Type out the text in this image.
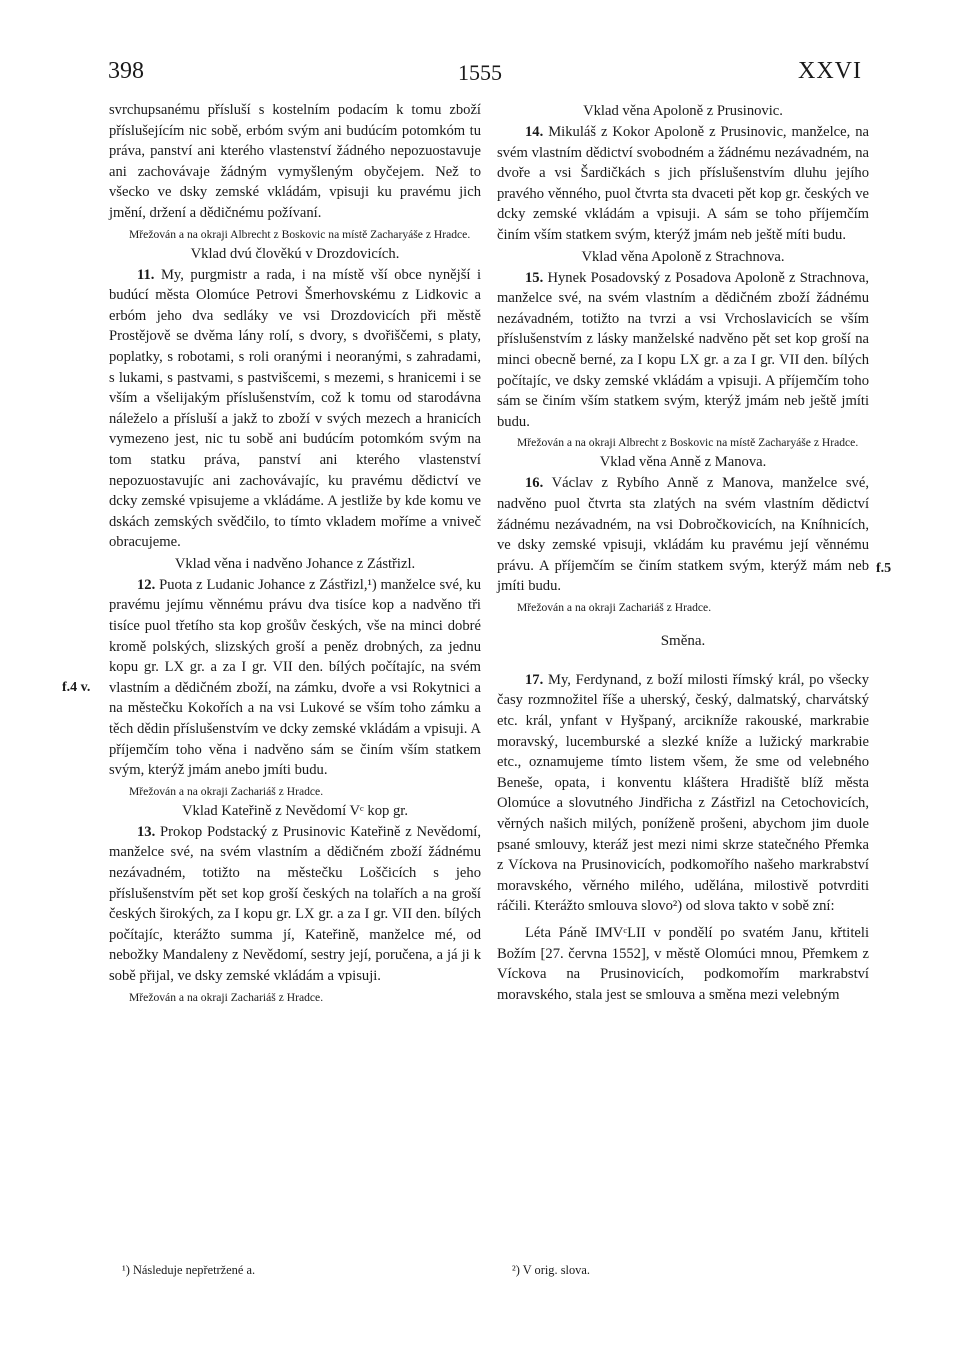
398	1555	XXVI
f.4 v.
f.5

svrchupsanému přísluší s kostelním podacím k tomu zboží příslušejícím nic sobě, erbóm svým ani budúcím potomkóm tu práva, panství ani kterého vlastenství žádného nepozuostavuje ani zachovávaje žádným vymyšleným obyčejem. Než to všecko ve dsky zemské vkládám, vpisuji ku pravému jich jmění, držení a dědičnému požívaní.

Mřežován a na okraji Albrecht z Boskovic na místě Zacharyáše z Hradce.

Vklad dvú člověkú v Drozdovicích.

11. My, purgmistr a rada, i na místě vší obce nynější i budúcí města Olomúce Petrovi Šmerhovskému z Lidkovic a erbóm jeho dva sedláky ve vsi Drozdovicích při městě Prostějově se dvěma lány rolí, s dvory, s dvořiščemi, s platy, poplatky, s robotami, s roli oranými i neoranými, s zahradami, s lukami, s pastvami, s pastvišcemi, s mezemi, s hranicemi i se vším a všelijakým příslušenstvím, což k tomu od starodávna náleželo a přísluší a jakž to zboží v svých mezech a hranicích vymezeno jest, nic tu sobě ani budúcím potomkóm svým na tom statku práva, panství ani kterého vlastenství nepozuostavujíc ani zachovávajíc, ku pravému dědictví ve dcky zemské vpisujeme a vkládáme. A jestliže by kde komu ve dskách zemských svědčilo, to tímto vkladem moříme a vniveč obracujeme.

Vklad věna i nadvěno Johance z Zástřizl.

12. Puota z Ludanic Johance z Zástřizl,¹) manželce své, ku pravému jejímu věnnému právu dva tisíce kop a nadvěno tři tisíce puol třetího sta kop grošův českých, vše na minci dobré kromě polských, slizských groší a peněz drobných, za jednu kopu gr. LX gr. a za I gr. VII den. bílých počítajíc, na svém vlastním a dědičném zboží, na zámku, dvoře a vsi Rokytnici a na městečku Kokořích a na vsi Lukové se vším toho zámku a těch dědin příslušenstvím ve dcky zemské vkládám a vpisuji. A příjemčím toho věna i nadvěno sám se činím vším statkem svým, kterýž jmám anebo jmíti budu.

Mřežován a na okraji Zachariáš z Hradce.

Vklad Kateřině z Nevědomí Vᶜ kop gr.

13. Prokop Podstacký z Prusinovic Kateřině z Nevědomí, manželce své, na svém vlastním a dědičném zboží žádnému nezávadném, totižto na městečku Loščicích s jeho příslušenstvím pět set kop groší českých na tolařích a na groší českých širokých, za I kopu gr. LX gr. a za I gr. VII den. bílých počítajíc, kterážto summa jí, Kateřině, manželce mé, od nebožky Mandaleny z Nevědomí, sestry její, poručena, a já ji k sobě přijal, ve dsky zemské vkládám a vpisuji.

Mřežován a na okraji Zachariáš z Hradce.

Vklad věna Apoloně z Prusinovic.

14. Mikuláš z Kokor Apoloně z Prusinovic, manželce, na svém vlastním dědictví svobodném a žádnému nezávadném, na dvoře a vsi Šardičkách s jich příslušenstvím dluhu jejího pravého věnného, puol čtvrta sta dvaceti pět kop gr. českých ve dcky zemské vkládám a vpisuji. A sám se toho příjemčím činím vším statkem svým, kterýž jmám neb ještě míti budu.

Vklad věna Apoloně z Strachnova.

15. Hynek Posadovský z Posadova Apoloně z Strachnova, manželce své, na svém vlastním a dědičném zboží žádnému nezávadném, totižto na tvrzi a vsi Vrchoslavicích se vším příslušenstvím z lásky manželské nadvěno pět set kop groší na minci obecně berné, za I kopu LX gr. a za I gr. VII den. bílých počítajíc, ve dsky zemské vkládám a vpisuji. A příjemčím toho sám se činím vším statkem svým, kterýž jmám neb ještě jmíti budu.

Mřežován a na okraji Albrecht z Boskovic na místě Zacharyáše z Hradce.

Vklad věna Anně z Manova.

16. Václav z Rybího Anně z Manova, manželce své, nadvěno puol čtvrta sta zlatých na svém vlastním dědictví žádnému nezávadném, na vsi Dobročkovicích, na Kníhnicích, ve dsky zemské vpisuji, vkládám ku pravému její věnnému právu. A příjemčím se činím statkem svým, kterýž mám neb jmíti budu.

Mřežován a na okraji Zachariáš z Hradce.

Směna.

17. My, Ferdynand, z boží milosti římský král, po všecky časy rozmnožitel říše a uherský, český, dalmatský, charvátský etc. král, ynfant v Hyšpaný, arcikníže rakouské, markrabie moravský, lucemburské a slezké kníže a lužický markrabie etc., oznamujeme tímto listem všem, že sme od velebného Beneše, opata, i konventu kláštera Hradiště blíž města Olomúce a slovutného Jindřicha z Zástřizl na Cetochovicích, věrných našich milých, poníženě prošeni, abychom jim duole psané smlouvy, kteráž jest mezi nimi skrze statečného Přemka z Víckova na Prusinovicích, podkomořího našeho markrabství moravského, věrného milého, udělána, milostivě potvrditi ráčili. Kterážto smlouva slovo²) od slova takto v sobě zní:

Léta Páně IMVᶜLII v pondělí po svatém Janu, křtiteli Božím [27. června 1552], v městě Olomúci mnou, Přemkem z Víckova na Prusinovicích, podkomořím markrabství moravského, stala jest se smlouva a směna mezi velebným

¹) Následuje nepřetržené a.	²) V orig. slova.
